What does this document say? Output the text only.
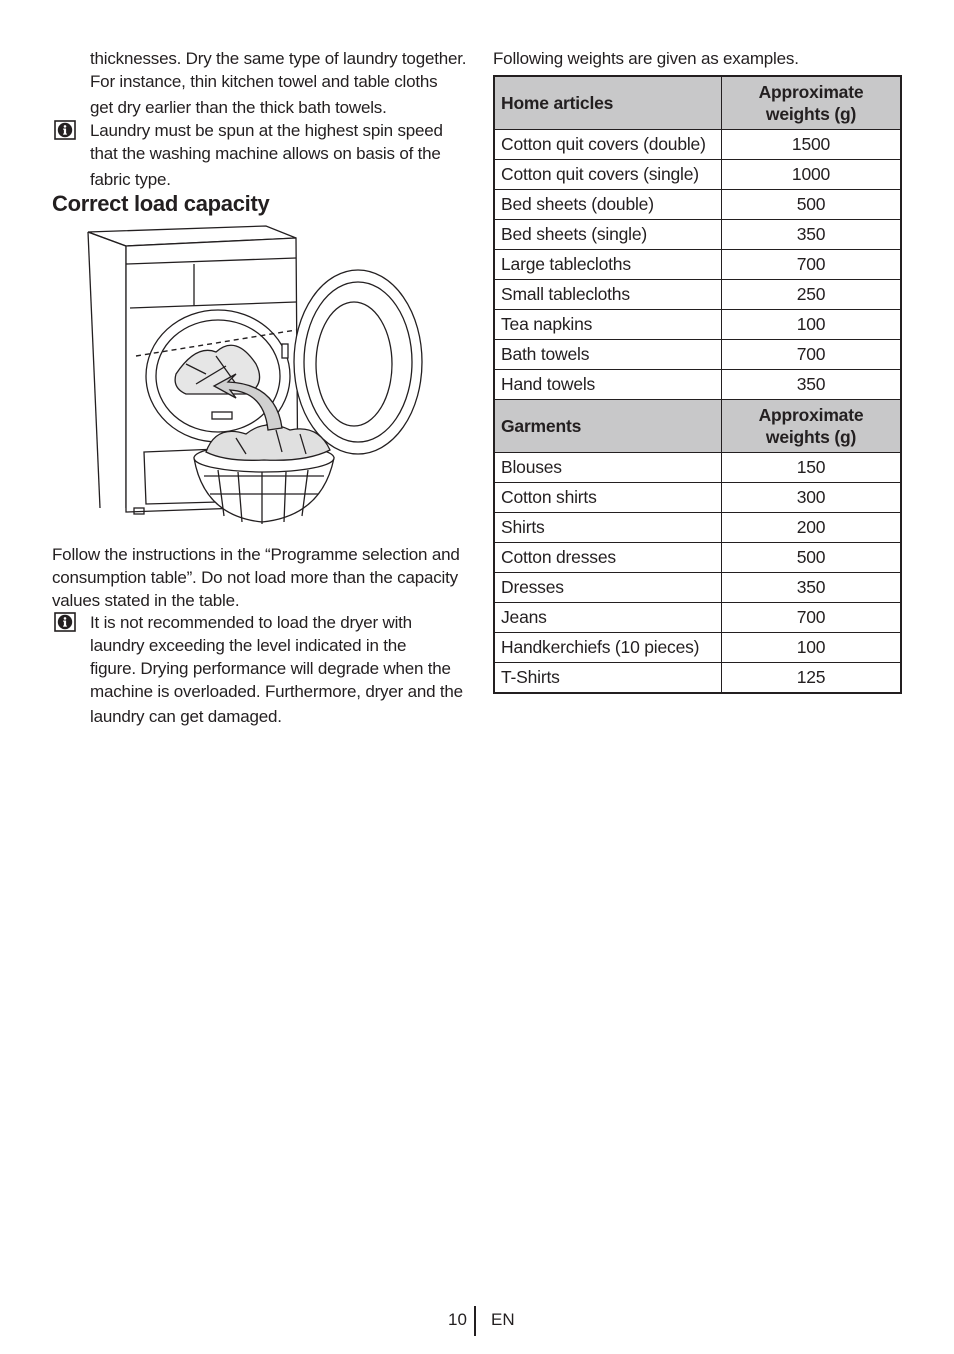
thicknesses. Dry the same type of laundry together.
For instance, thin kitchen towel and table cloths
get dry earlier than the thick bath towels.
Laundry must be spun at the highest spin speed
that the washing machine allows on basis of the
fabric type.
Correct load capacity
Follow the instructions in the “Programme selection and
consumption table”. Do not load more than the capacity
values stated in the table.
It is not recommended to load the dryer with
laundry exceeding the level indicated in the
figure. Drying performance will degrade when the
machine is overloaded. Furthermore, dryer and the
laundry can get damaged.
Following weights are given as examples.
Home articles	Approximate
weights (g)
Cotton quit covers (double)	1500
Cotton quit covers (single)	1000
Bed sheets (double)	500
Bed sheets (single)	350
Large tablecloths	700
Small tablecloths	250
Tea napkins	100
Bath towels	700
Hand towels	350
Garments	Approximate
weights (g)
Blouses	150
Cotton shirts	300
Shirts	200
Cotton dresses	500
Dresses	350
Jeans	700
Handkerchiefs (10 pieces)	100
T-Shirts	125
10 EN
